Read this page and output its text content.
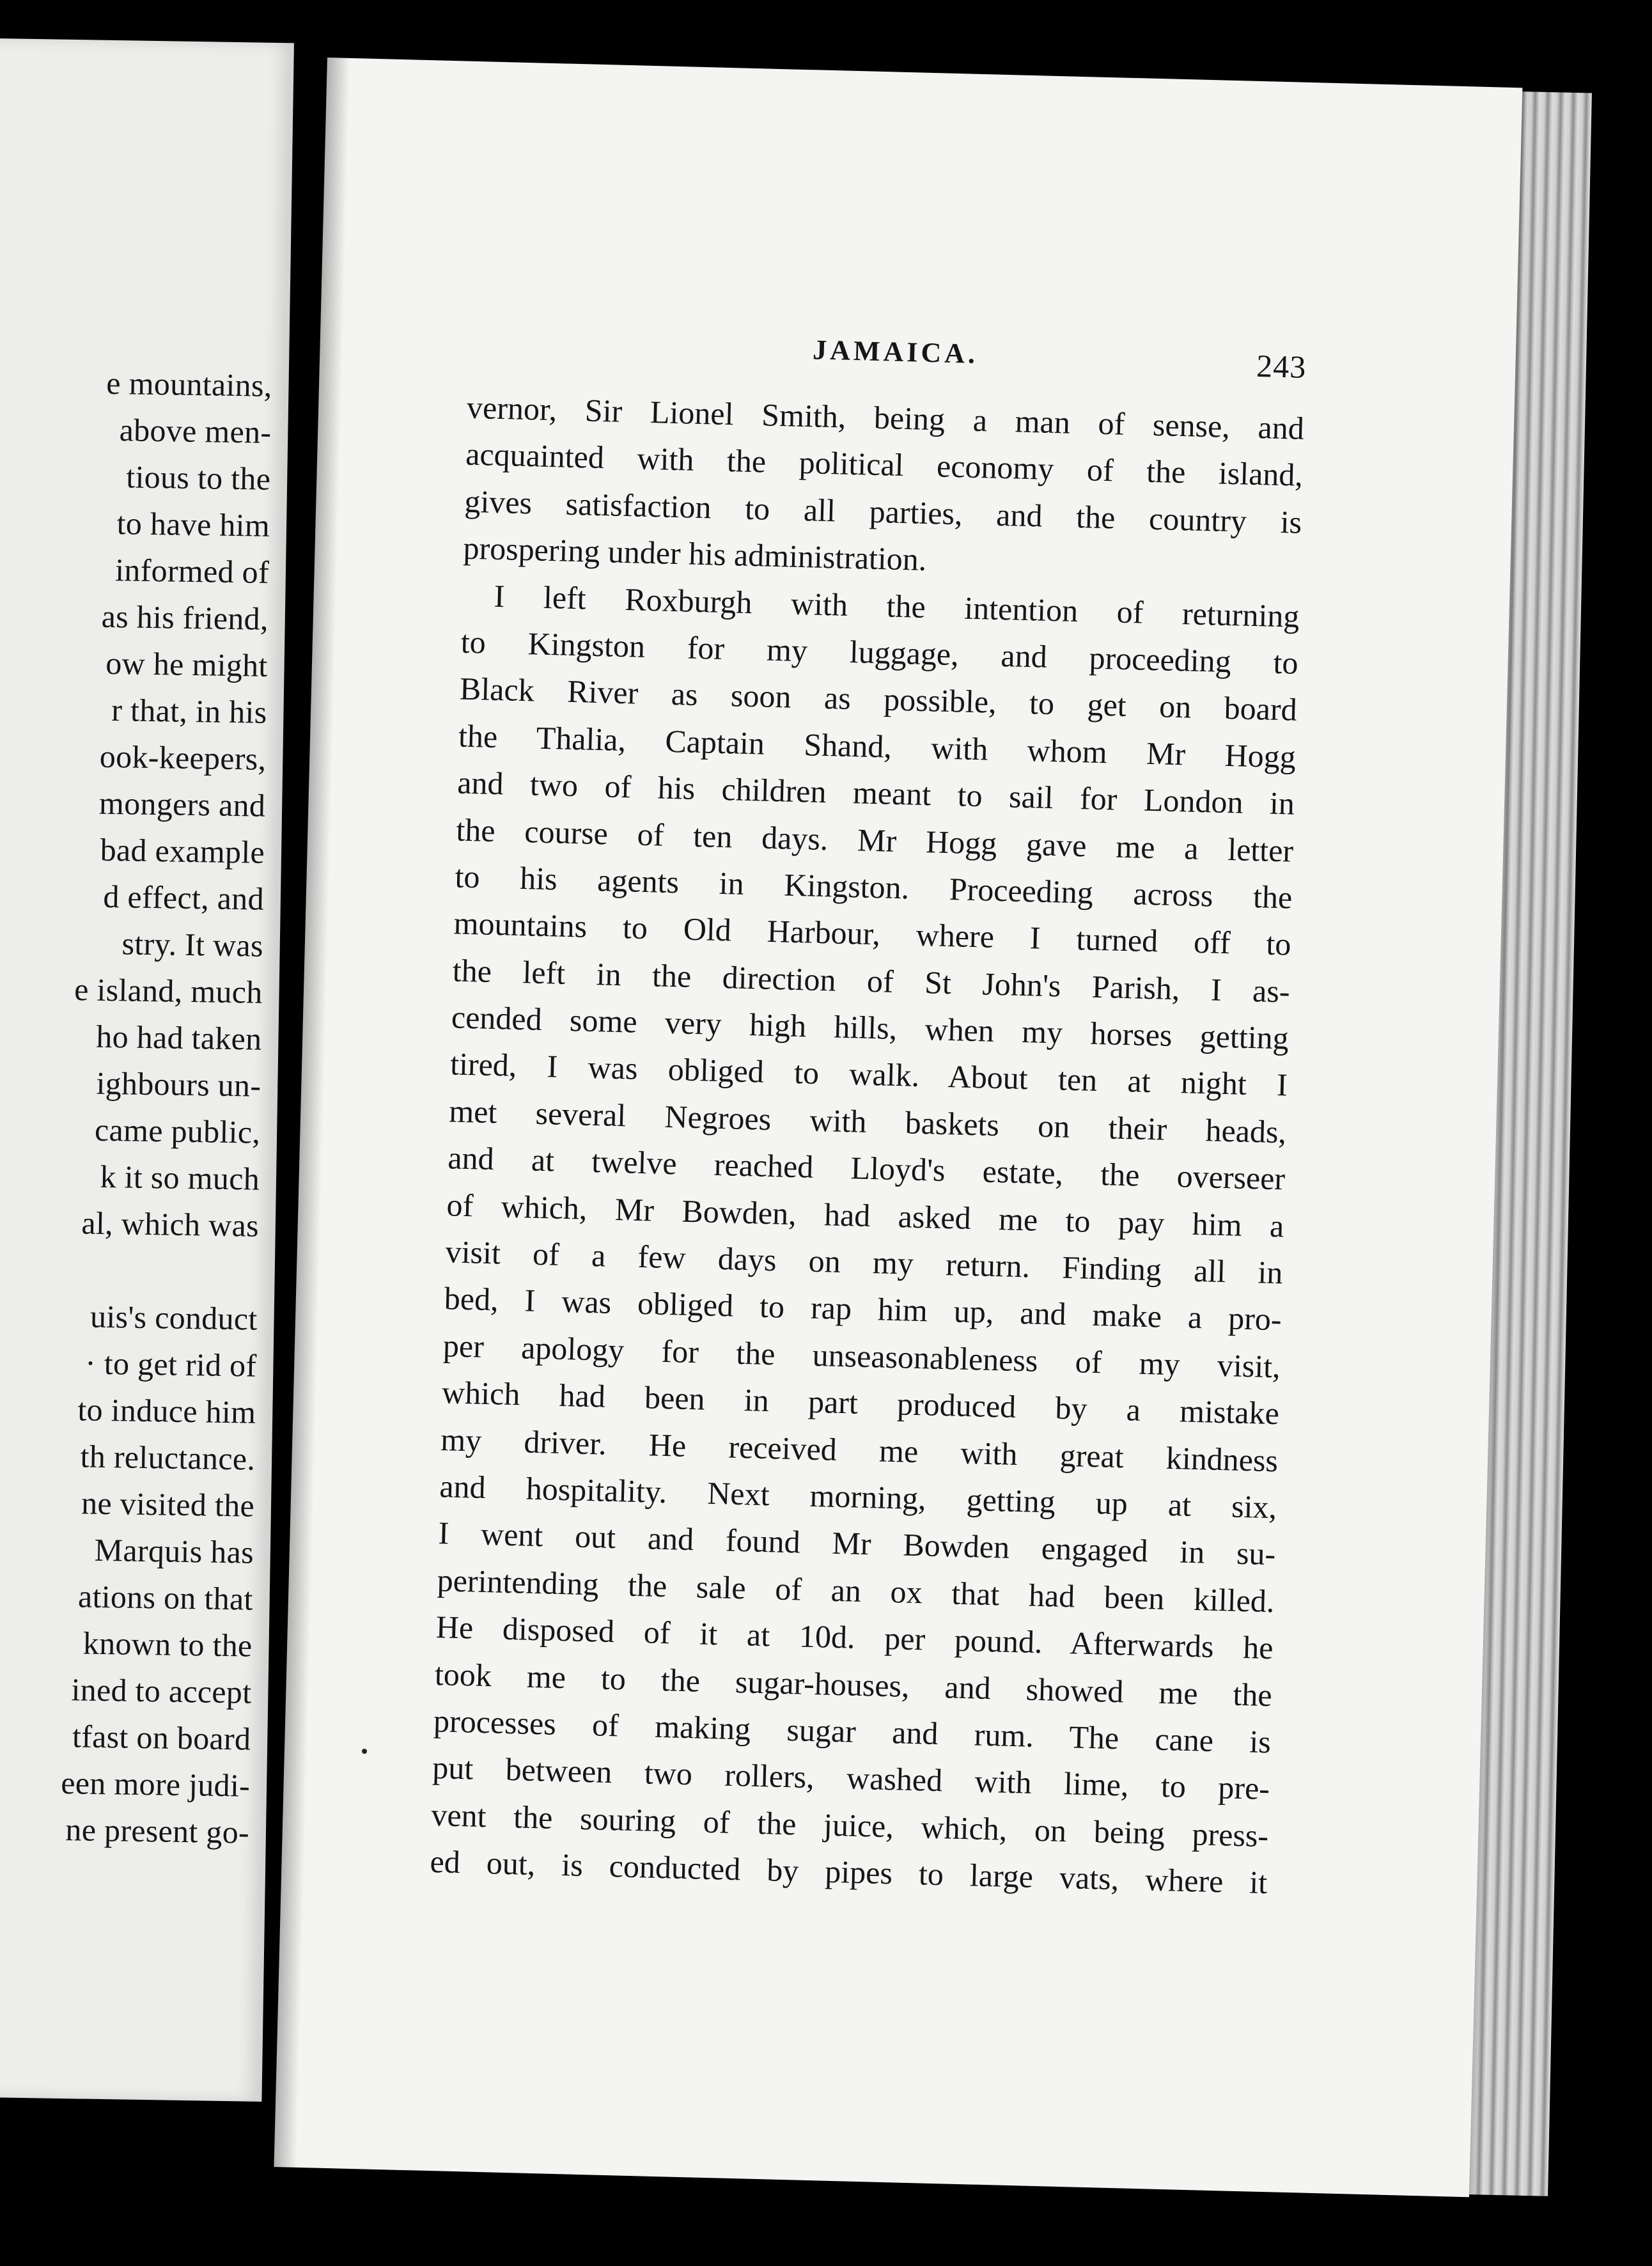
e mountains,
above men-
tious to the
to have him
informed of
as his friend,
ow he might
r that, in his
ook-keepers,
mongers and
bad example
d effect, and
stry. It was
e island, much
ho had taken
ighbours un-
came public,
k it so much
al, which was
uis's conduct
· to get rid of
to induce him
th reluctance.
ne visited the
Marquis has
ations on that
known to the
ined to accept
tfast on board
een more judi-
ne present go-
JAMAICA.	243
vernor, Sir Lionel Smith, being a man of sense, and
acquainted with the political economy of the island,
gives satisfaction to all parties, and the country is
prospering under his administration.
I left Roxburgh with the intention of returning
to Kingston for my luggage, and proceeding to
Black River as soon as possible, to get on board
the Thalia, Captain Shand, with whom Mr Hogg
and two of his children meant to sail for London in
the course of ten days. Mr Hogg gave me a letter
to his agents in Kingston. Proceeding across the
mountains to Old Harbour, where I turned off to
the left in the direction of St John's Parish, I as-
cended some very high hills, when my horses getting
tired, I was obliged to walk. About ten at night I
met several Negroes with baskets on their heads,
and at twelve reached Lloyd's estate, the overseer
of which, Mr Bowden, had asked me to pay him a
visit of a few days on my return. Finding all in
bed, I was obliged to rap him up, and make a pro-
per apology for the unseasonableness of my visit,
which had been in part produced by a mistake
my driver. He received me with great kindness
and hospitality. Next morning, getting up at six,
I went out and found Mr Bowden engaged in su-
perintending the sale of an ox that had been killed.
He disposed of it at 10d. per pound. Afterwards he
took me to the sugar-houses, and showed me the
processes of making sugar and rum. The cane is
put between two rollers, washed with lime, to pre-
vent the souring of the juice, which, on being press-
ed out, is conducted by pipes to large vats, where it
